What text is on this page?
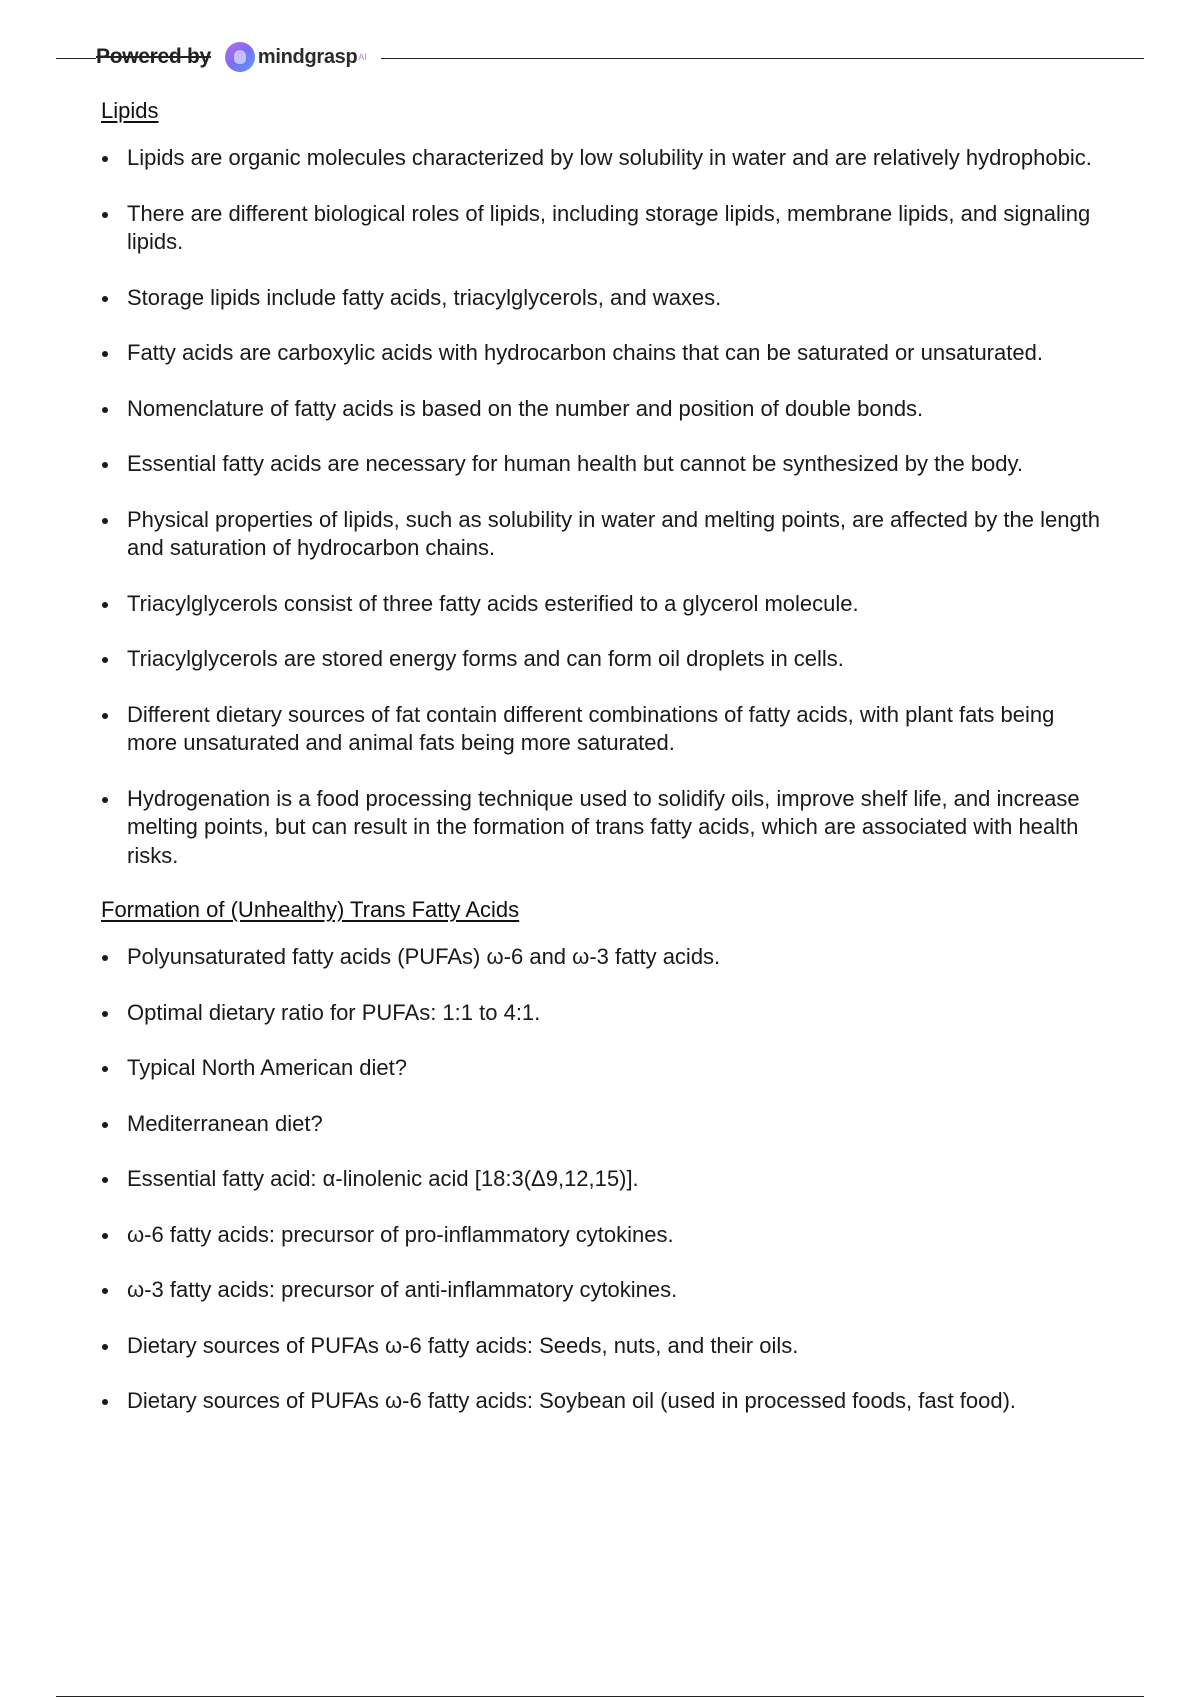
Powered by	mindgrasp AI
Lipids
Lipids are organic molecules characterized by low solubility in water and are relatively hydrophobic.
There are different biological roles of lipids, including storage lipids, membrane lipids, and signaling lipids.
Storage lipids include fatty acids, triacylglycerols, and waxes.
Fatty acids are carboxylic acids with hydrocarbon chains that can be saturated or unsaturated.
Nomenclature of fatty acids is based on the number and position of double bonds.
Essential fatty acids are necessary for human health but cannot be synthesized by the body.
Physical properties of lipids, such as solubility in water and melting points, are affected by the length and saturation of hydrocarbon chains.
Triacylglycerols consist of three fatty acids esterified to a glycerol molecule.
Triacylglycerols are stored energy forms and can form oil droplets in cells.
Different dietary sources of fat contain different combinations of fatty acids, with plant fats being more unsaturated and animal fats being more saturated.
Hydrogenation is a food processing technique used to solidify oils, improve shelf life, and increase melting points, but can result in the formation of trans fatty acids, which are associated with health risks.
Formation of (Unhealthy) Trans Fatty Acids
Polyunsaturated fatty acids (PUFAs) ω-6 and ω-3 fatty acids.
Optimal dietary ratio for PUFAs: 1:1 to 4:1.
Typical North American diet?
Mediterranean diet?
Essential fatty acid: α-linolenic acid [18:3(Δ9,12,15)].
ω-6 fatty acids: precursor of pro-inflammatory cytokines.
ω-3 fatty acids: precursor of anti-inflammatory cytokines.
Dietary sources of PUFAs ω-6 fatty acids: Seeds, nuts, and their oils.
Dietary sources of PUFAs ω-6 fatty acids: Soybean oil (used in processed foods, fast food).
